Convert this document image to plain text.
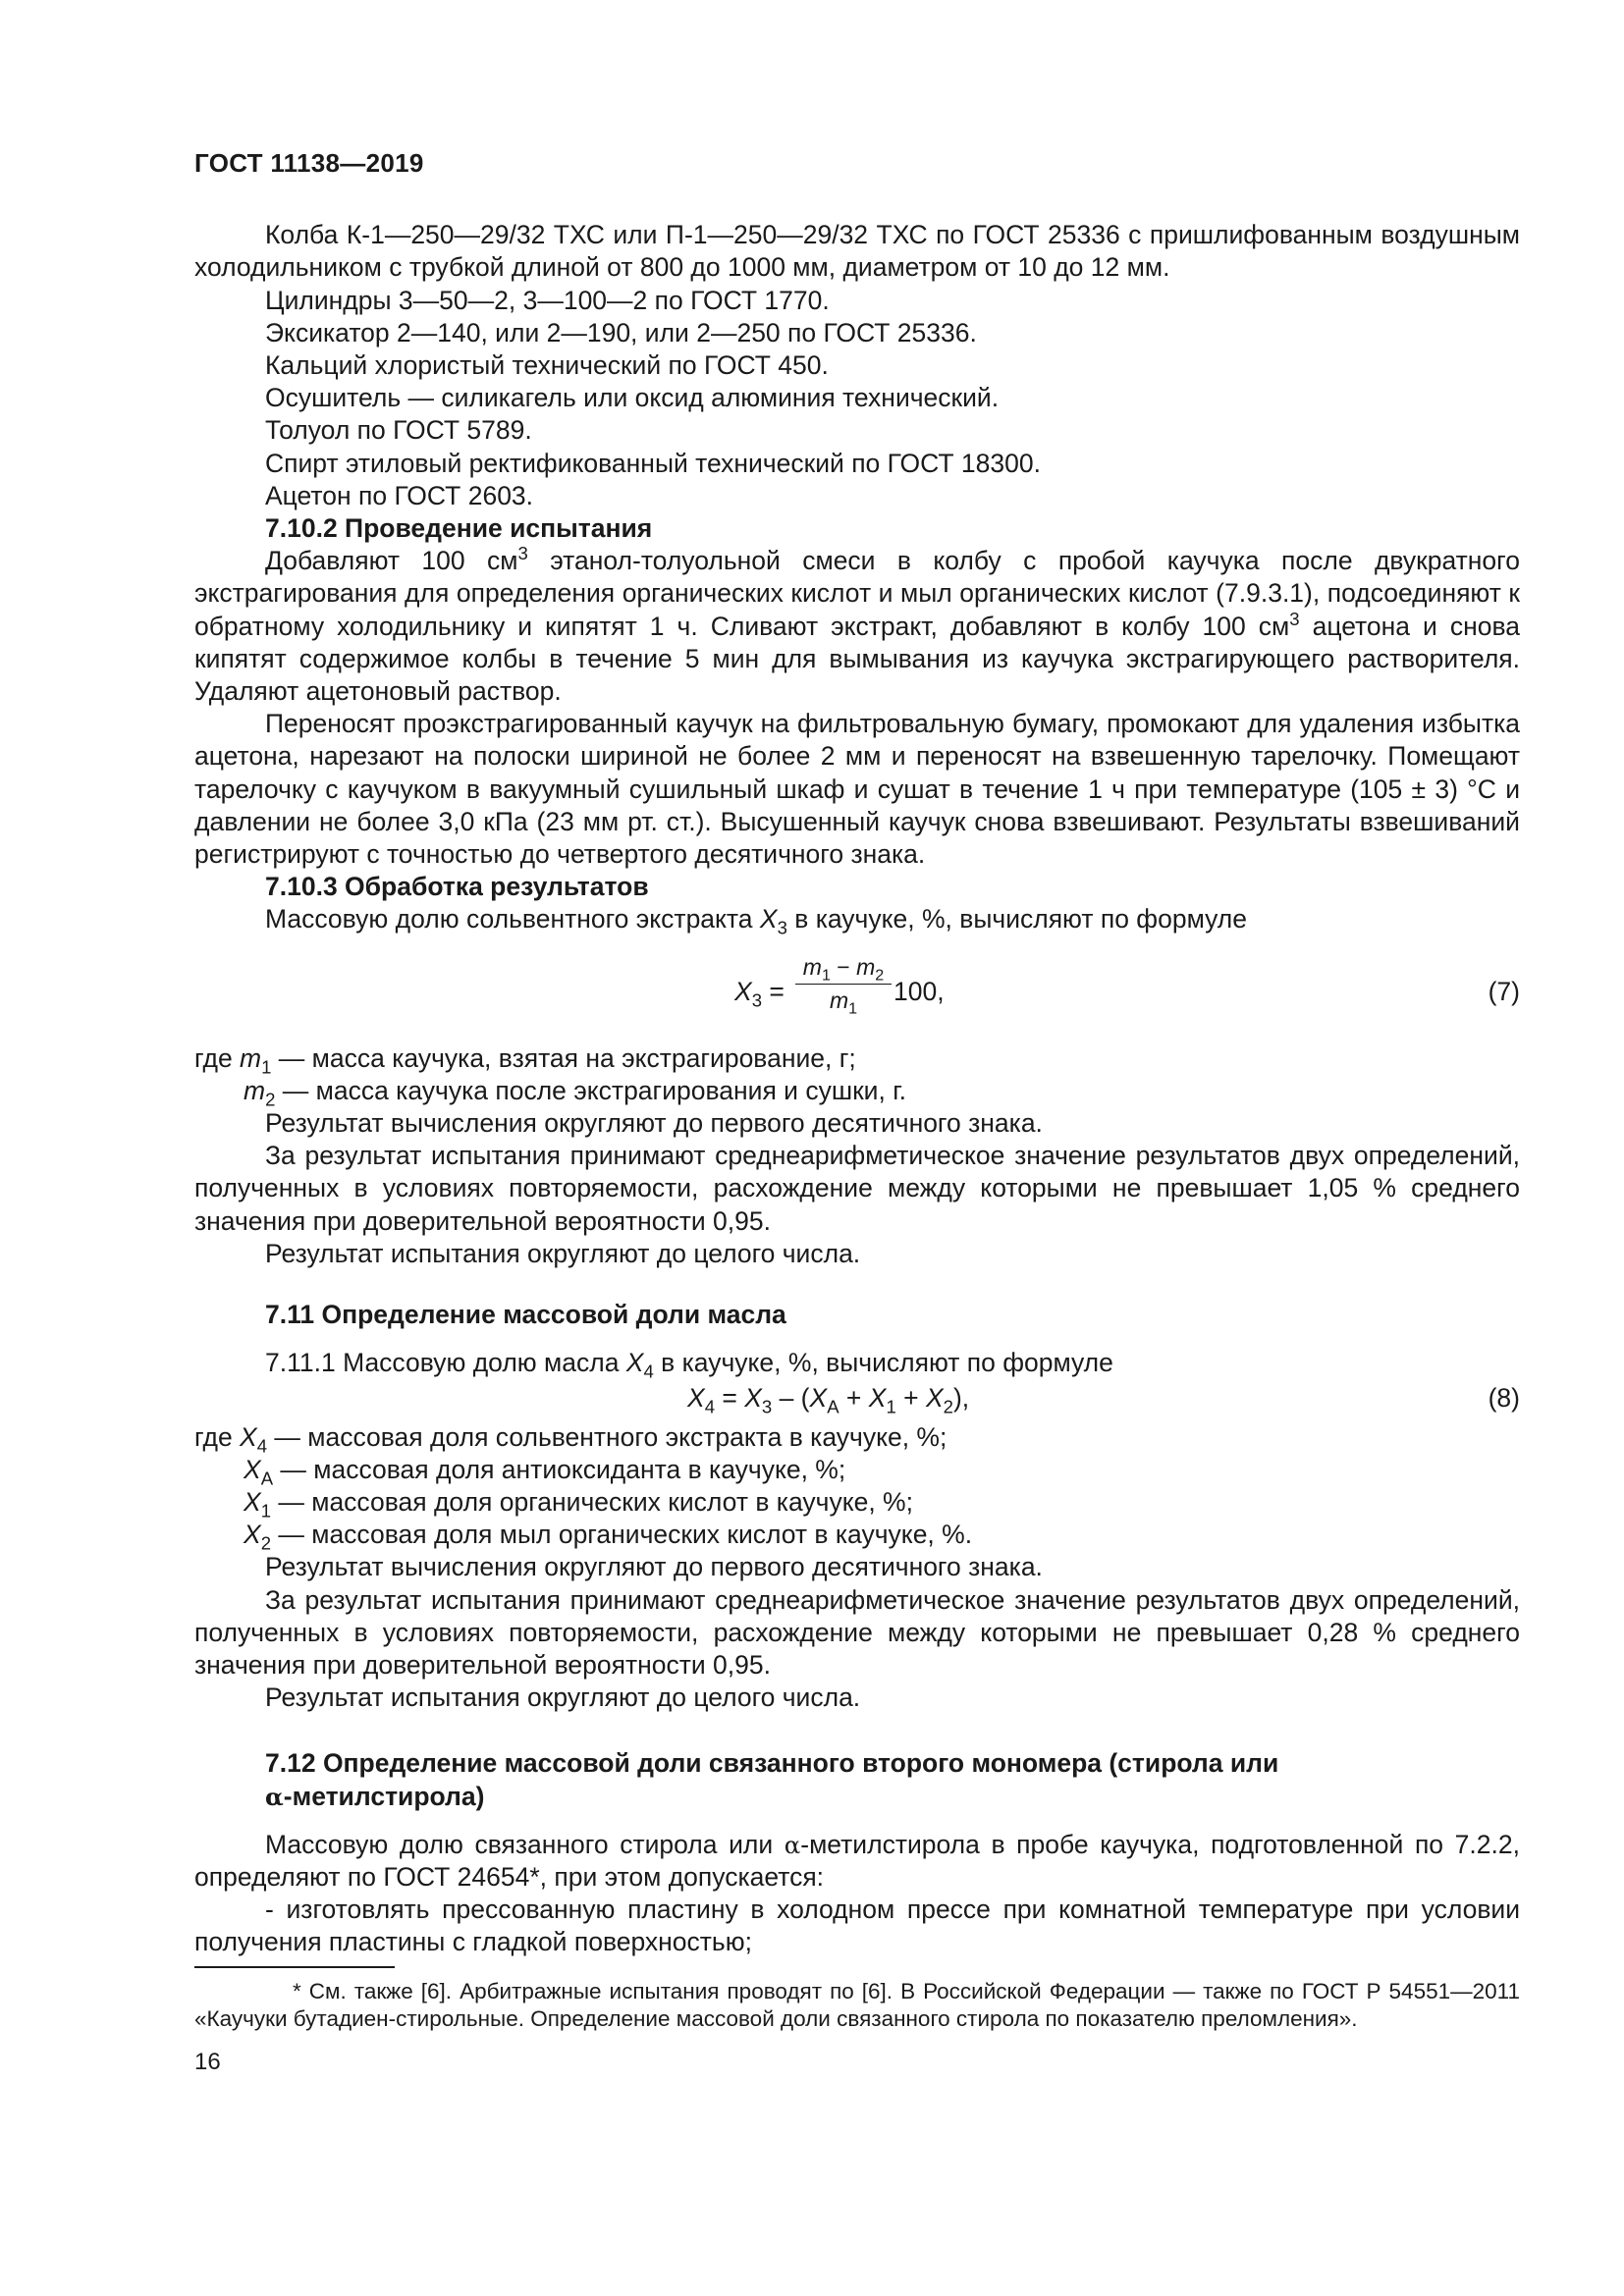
ГОСТ 11138—2019

Колба К-1—250—29/32 ТХС или П-1—250—29/32 ТХС по ГОСТ 25336 с пришлифованным воздушным холодильником с трубкой длиной от 800 до 1000 мм, диаметром от 10 до 12 мм.

Цилиндры 3—50—2, 3—100—2 по ГОСТ 1770.

Эксикатор 2—140, или 2—190, или 2—250 по ГОСТ 25336.

Кальций хлористый технический по ГОСТ 450.

Осушитель — силикагель или оксид алюминия технический.

Толуол по ГОСТ 5789.

Спирт этиловый ректификованный технический по ГОСТ 18300.

Ацетон по ГОСТ 2603.

7.10.2 Проведение испытания

Добавляют 100 $см^3$ этанол-толуольной смеси в колбу с пробой каучука после двукратного экстрагирования для определения органических кислот и мыл органических кислот (7.9.3.1), подсоединяют к обратному холодильнику и кипятят 1 ч. Сливают экстракт, добавляют в колбу 100 $см^3$ ацетона и снова кипятят содержимое колбы в течение 5 мин для вымывания из каучука экстрагирующего растворителя. Удаляют ацетоновый раствор.

Переносят проэкстрагированный каучук на фильтровальную бумагу, промокают для удаления избытка ацетона, нарезают на полоски шириной не более 2 мм и переносят на взвешенную тарелочку. Помещают тарелочку с каучуком в вакуумный сушильный шкаф и сушат в течение 1 ч при температуре (105 ± 3) °С и давлении не более 3,0 кПа (23 мм рт. ст.). Высушенный каучук снова взвешивают. Результаты взвешиваний регистрируют с точностью до четвертого десятичного знака.

7.10.3 Обработка результатов

Массовую долю сольвентного экстракта $X_3$ в каучуке, %, вычисляют по формуле

$X_3 = \frac{m_1 - m_2}{m_1} 100$,	(7)

где $m_1$ — масса каучука, взятая на экстрагирование, г;

$m_2$ — масса каучука после экстрагирования и сушки, г.

Результат вычисления округляют до первого десятичного знака.

За результат испытания принимают среднеарифметическое значение результатов двух определений, полученных в условиях повторяемости, расхождение между которыми не превышает 1,05 % среднего значения при доверительной вероятности 0,95.

Результат испытания округляют до целого числа.

7.11 Определение массовой доли масла

7.11.1 Массовую долю масла $X_4$ в каучуке, %, вычисляют по формуле

$X_4 = X_3 - (X_А + X_1 + X_2)$,	(8)

где $X_4$ — массовая доля сольвентного экстракта в каучуке, %;

$X_А$ — массовая доля антиоксиданта в каучуке, %;

$X_1$ — массовая доля органических кислот в каучуке, %;

$X_2$ — массовая доля мыл органических кислот в каучуке, %.

Результат вычисления округляют до первого десятичного знака.

За результат испытания принимают среднеарифметическое значение результатов двух определений, полученных в условиях повторяемости, расхождение между которыми не превышает 0,28 % среднего значения при доверительной вероятности 0,95.

Результат испытания округляют до целого числа.

7.12 Определение массовой доли связанного второго мономера (стирола или
α-метилстирола)

Массовую долю связанного стирола или α-метилстирола в пробе каучука, подготовленной по 7.2.2, определяют по ГОСТ 24654*, при этом допускается:

- изготовлять прессованную пластину в холодном прессе при комнатной температуре при условии получения пластины с гладкой поверхностью;

* См. также [6]. Арбитражные испытания проводят по [6]. В Российской Федерации — также по ГОСТ Р 54551—2011 «Каучуки бутадиен-стирольные. Определение массовой доли связанного стирола по показателю преломления».

16
